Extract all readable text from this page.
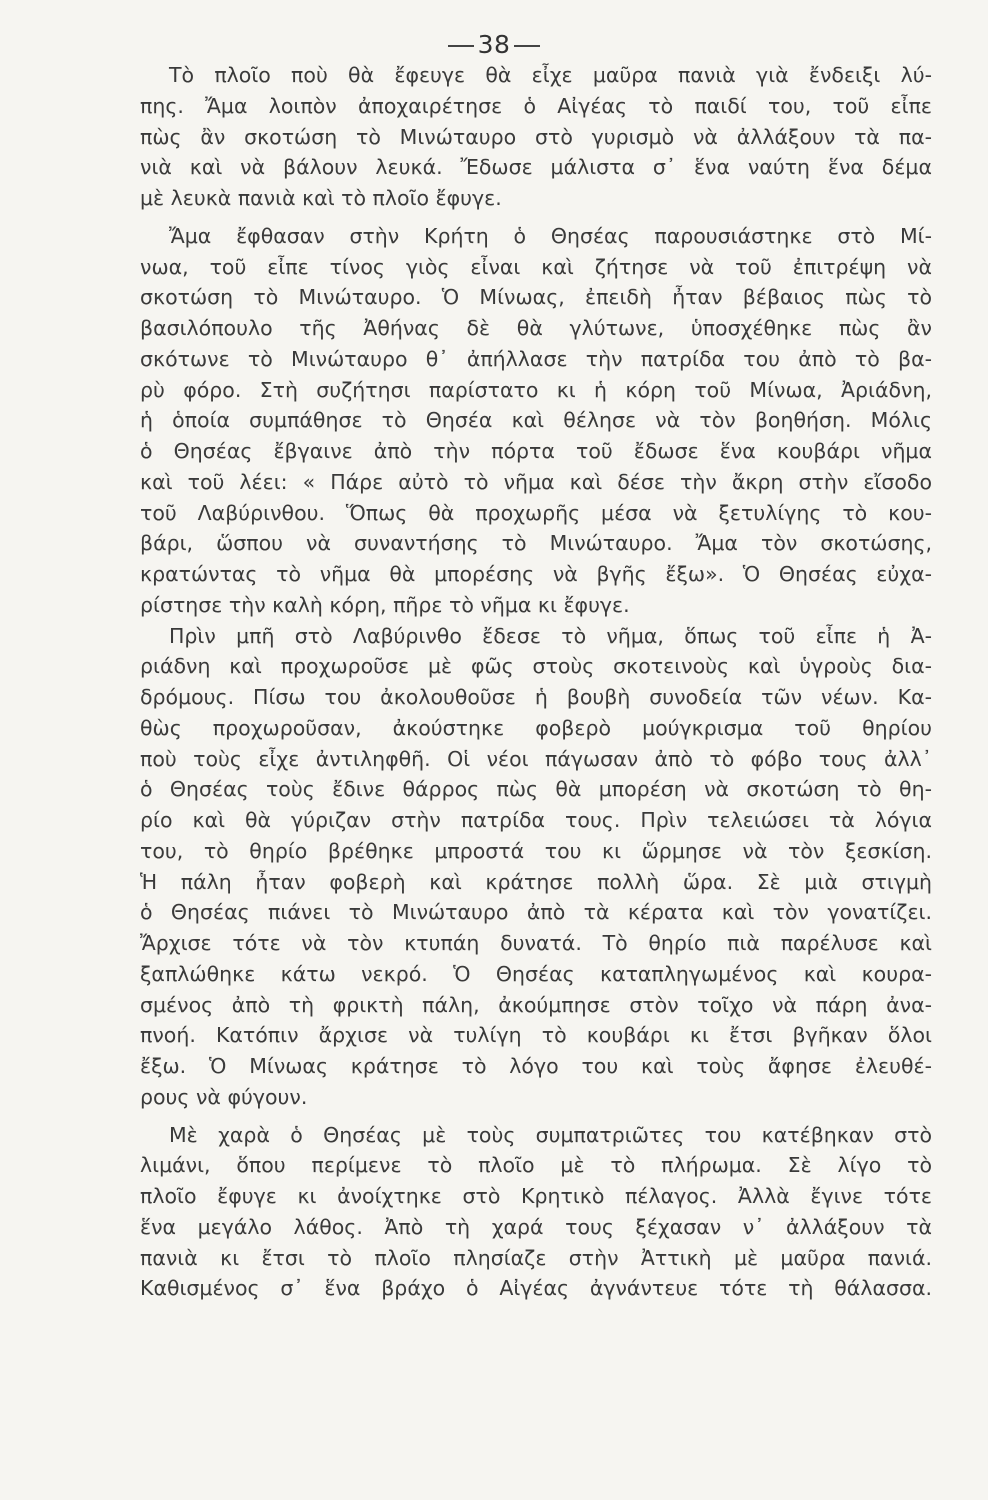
38
Τὸ πλοῖο ποὺ θὰ ἔφευγε θὰ εἶχε μαῦρα πανιὰ γιὰ ἔνδειξι λύ-
πης. Ἄμα λοιπὸν ἀποχαιρέτησε ὁ Αἰγέας τὸ παιδί του, τοῦ εἶπε
πὼς ἂν σκοτώση τὸ Μινώταυρο στὸ γυρισμὸ νὰ ἀλλάξουν τὰ πα-
νιὰ καὶ νὰ βάλουν λευκά. Ἔδωσε μάλιστα σ᾽ ἕνα ναύτη ἕνα δέμα
μὲ λευκὰ πανιὰ καὶ τὸ πλοῖο ἔφυγε.
Ἄμα ἔφθασαν στὴν Κρήτη ὁ Θησέας παρουσιάστηκε στὸ Μί-
νωα, τοῦ εἶπε τίνος γιὸς εἶναι καὶ ζήτησε νὰ τοῦ ἐπιτρέψη νὰ
σκοτώση τὸ Μινώταυρο. Ὁ Μίνωας, ἐπειδὴ ἦταν βέβαιος πὼς τὸ
βασιλόπουλο τῆς Ἀθήνας δὲ θὰ γλύτωνε, ὑποσχέθηκε πὼς ἂν
σκότωνε τὸ Μινώταυρο θ᾽ ἀπήλλασε τὴν πατρίδα του ἀπὸ τὸ βα-
ρὺ φόρο. Στὴ συζήτησι παρίστατο κι ἡ κόρη τοῦ Μίνωα, Ἀριάδνη,
ἡ ὁποία συμπάθησε τὸ Θησέα καὶ θέλησε νὰ τὸν βοηθήση. Μόλις
ὁ Θησέας ἔβγαινε ἀπὸ τὴν πόρτα τοῦ ἔδωσε ἕνα κουβάρι νῆμα
καὶ τοῦ λέει: « Πάρε αὐτὸ τὸ νῆμα καὶ δέσε τὴν ἄκρη στὴν εἴσοδο
τοῦ Λαβύρινθου. Ὅπως θὰ προχωρῆς μέσα νὰ ξετυλίγης τὸ κου-
βάρι, ὥσπου νὰ συναντήσης τὸ Μινώταυρο. Ἄμα τὸν σκοτώσης,
κρατώντας τὸ νῆμα θὰ μπορέσης νὰ βγῆς ἔξω». Ὁ Θησέας εὐχα-
ρίστησε τὴν καλὴ κόρη, πῆρε τὸ νῆμα κι ἔφυγε.
Πρὶν μπῆ στὸ Λαβύρινθο ἔδεσε τὸ νῆμα, ὅπως τοῦ εἶπε ἡ Ἀ-
ριάδνη καὶ προχωροῦσε μὲ φῶς στοὺς σκοτεινοὺς καὶ ὑγροὺς δια-
δρόμους. Πίσω του ἀκολουθοῦσε ἡ βουβὴ συνοδεία τῶν νέων. Κα-
θὼς προχωροῦσαν, ἀκούστηκε φοβερὸ μούγκρισμα τοῦ θηρίου
ποὺ τοὺς εἶχε ἀντιληφθῆ. Οἱ νέοι πάγωσαν ἀπὸ τὸ φόβο τους ἀλλ᾽
ὁ Θησέας τοὺς ἔδινε θάρρος πὼς θὰ μπορέση νὰ σκοτώση τὸ θη-
ρίο καὶ θὰ γύριζαν στὴν πατρίδα τους. Πρὶν τελειώσει τὰ λόγια
του, τὸ θηρίο βρέθηκε μπροστά του κι ὥρμησε νὰ τὸν ξεσκίση.
Ἡ πάλη ἦταν φοβερὴ καὶ κράτησε πολλὴ ὥρα. Σὲ μιὰ στιγμὴ
ὁ Θησέας πιάνει τὸ Μινώταυρο ἀπὸ τὰ κέρατα καὶ τὸν γονατίζει.
Ἄρχισε τότε νὰ τὸν κτυπάη δυνατά. Τὸ θηρίο πιὰ παρέλυσε καὶ
ξαπλώθηκε κάτω νεκρό. Ὁ Θησέας καταπληγωμένος καὶ κουρα-
σμένος ἀπὸ τὴ φρικτὴ πάλη, ἀκούμπησε στὸν τοῖχο νὰ πάρη ἀνα-
πνοή. Κατόπιν ἄρχισε νὰ τυλίγη τὸ κουβάρι κι ἔτσι βγῆκαν ὅλοι
ἔξω. Ὁ Μίνωας κράτησε τὸ λόγο του καὶ τοὺς ἄφησε ἐλευθέ-
ρους νὰ φύγουν.
Μὲ χαρὰ ὁ Θησέας μὲ τοὺς συμπατριῶτες του κατέβηκαν στὸ
λιμάνι, ὅπου περίμενε τὸ πλοῖο μὲ τὸ πλήρωμα. Σὲ λίγο τὸ
πλοῖο ἔφυγε κι ἀνοίχτηκε στὸ Κρητικὸ πέλαγος. Ἀλλὰ ἔγινε τότε
ἕνα μεγάλο λάθος. Ἀπὸ τὴ χαρά τους ξέχασαν ν᾽ ἀλλάξουν τὰ
πανιὰ κι ἔτσι τὸ πλοῖο πλησίαζε στὴν Ἀττικὴ μὲ μαῦρα πανιά.
Καθισμένος σ᾽ ἕνα βράχο ὁ Αἰγέας ἀγνάντευε τότε τὴ θάλασσα.
